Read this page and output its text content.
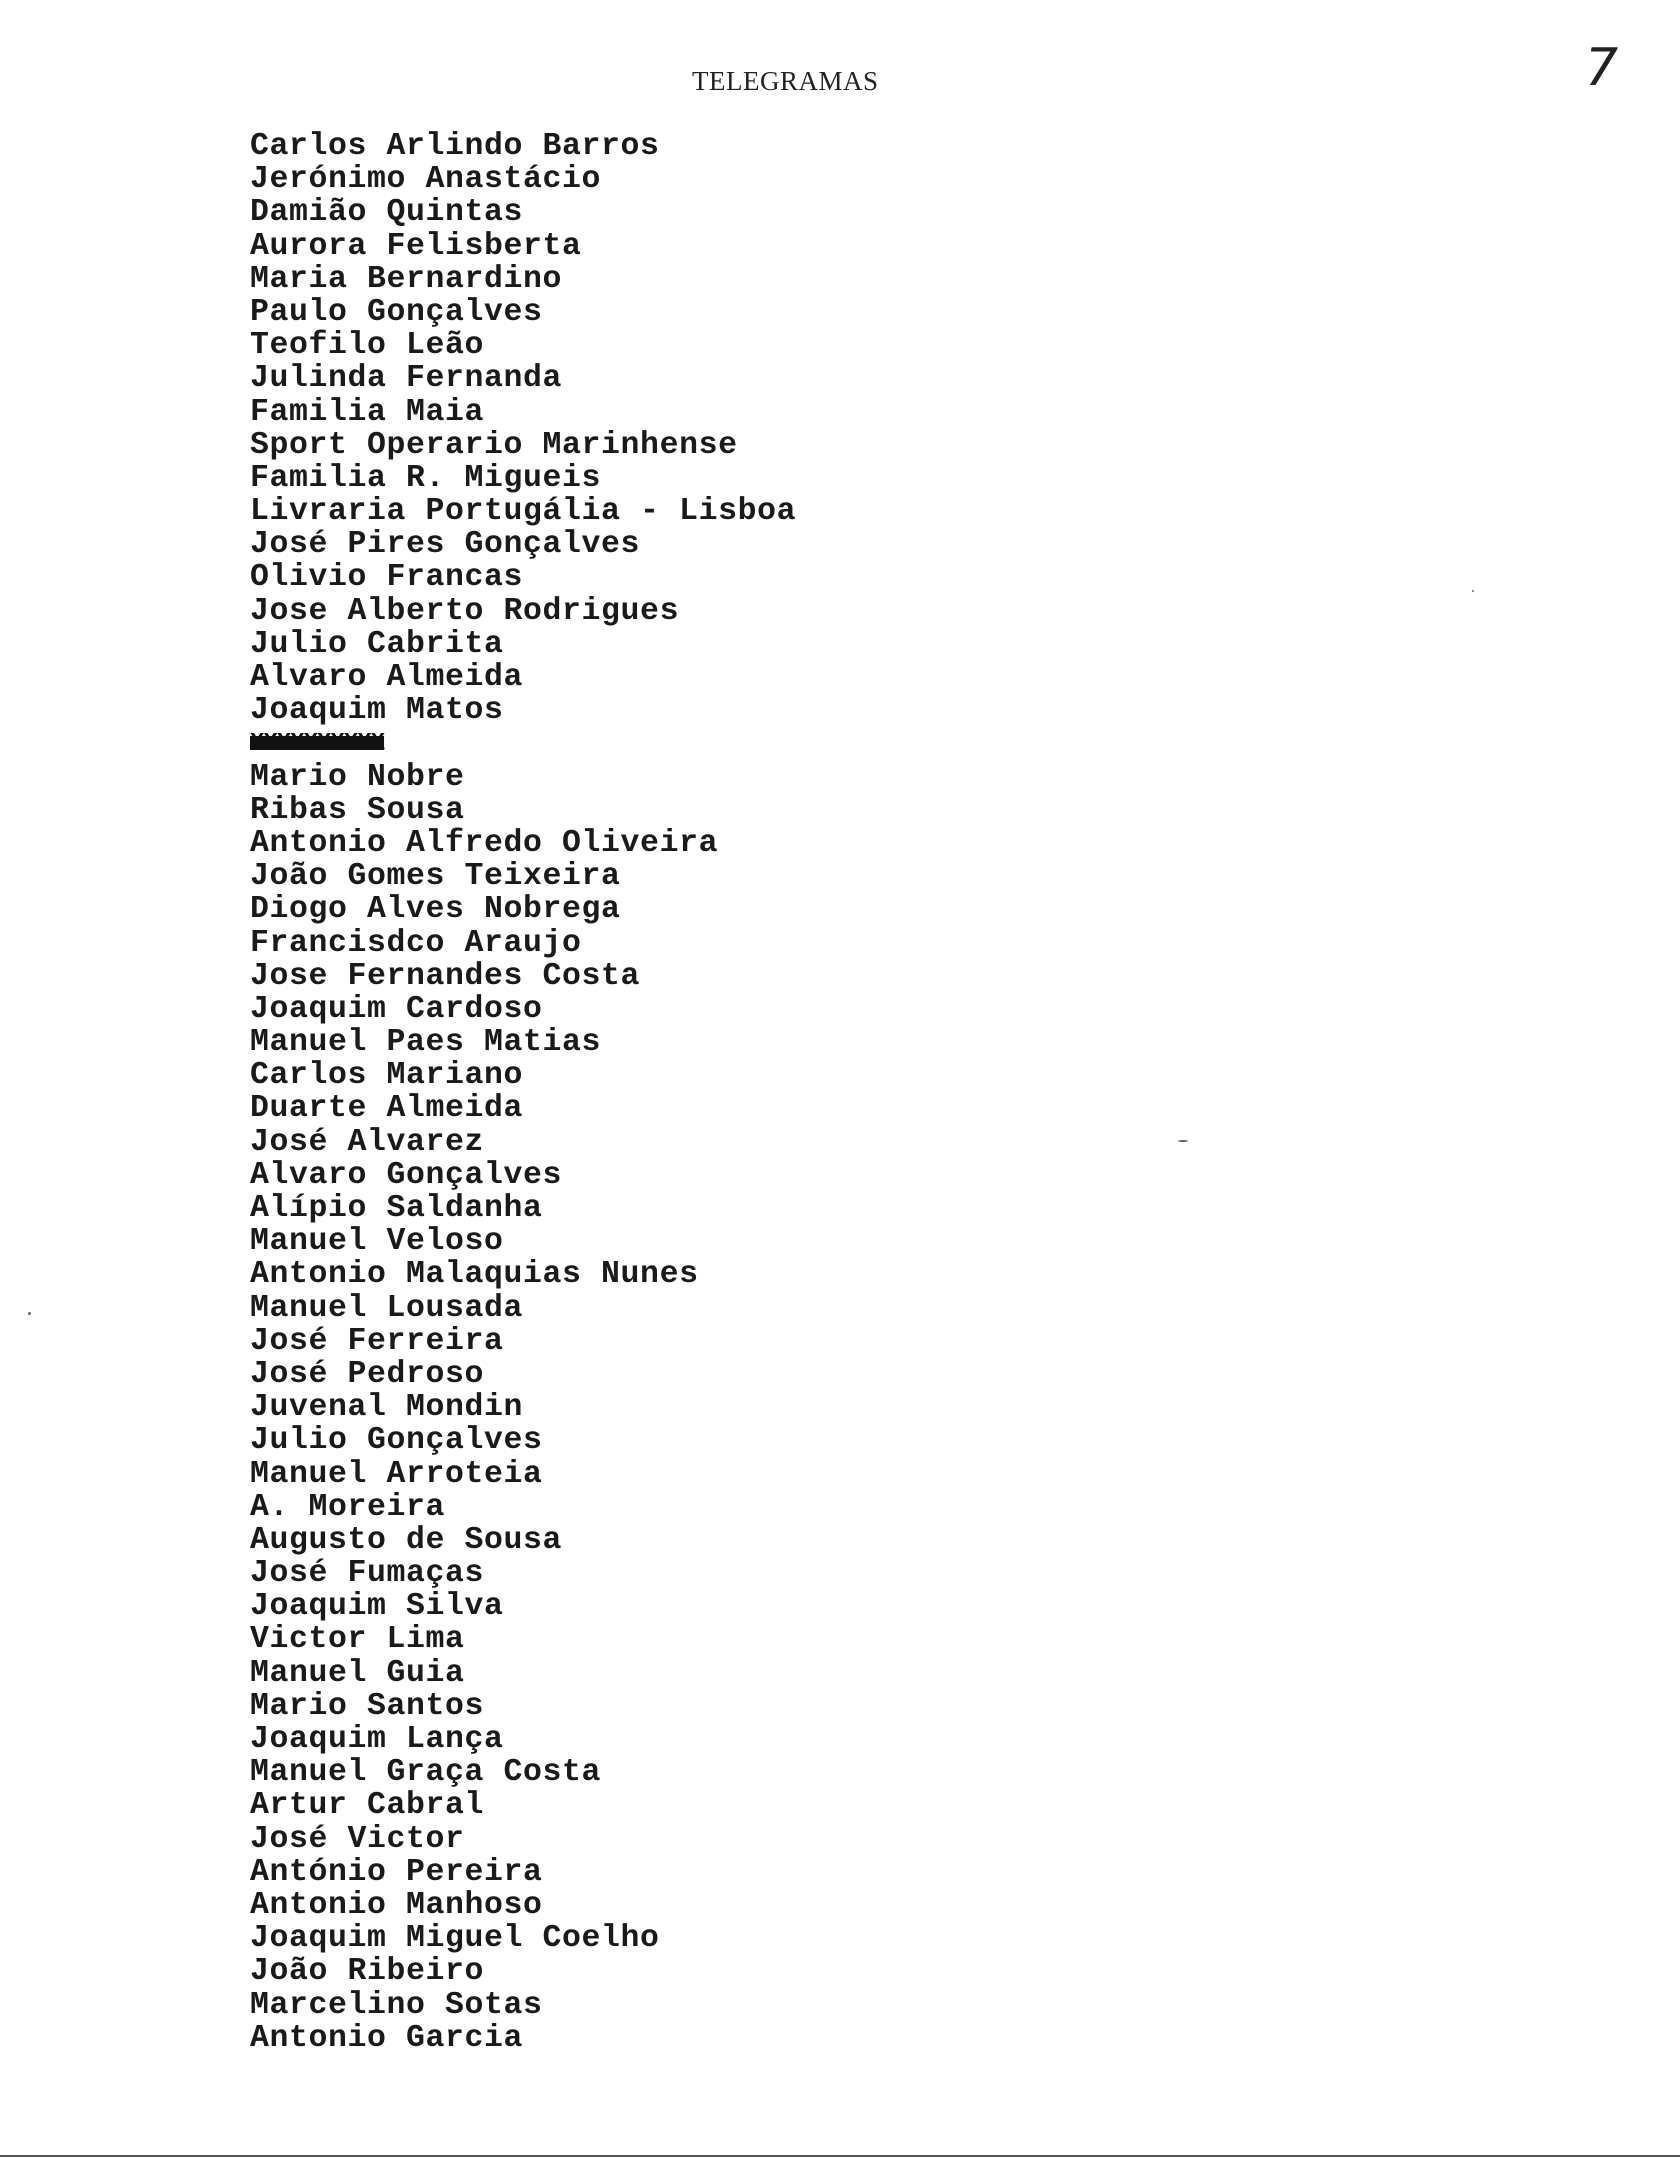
TELEGRAMAS	7
Carlos Arlindo Barros
Jerónimo Anastácio
Damião Quintas
Aurora Felisberta
Maria Bernardino
Paulo Gonçalves
Teofilo Leão
Julinda Fernanda
Familia Maia
Sport Operario Marinhense
Familia R. Migueis
Livraria Portugália - Lisboa
José Pires Gonçalves
Olivio Francas
Jose Alberto Rodrigues
Julio Cabrita
Alvaro Almeida
Joaquim Matos
XXXXXXXXXX
Mario Nobre
Ribas Sousa
Antonio Alfredo Oliveira
João Gomes Teixeira
Diogo Alves Nobrega
Francisdco Araujo
Jose Fernandes Costa
Joaquim Cardoso
Manuel Paes Matias
Carlos Mariano
Duarte Almeida
José Alvarez
Alvaro Gonçalves
Alípio Saldanha
Manuel Veloso
Antonio Malaquias Nunes
Manuel Lousada
José Ferreira
José Pedroso
Juvenal Mondin
Julio Gonçalves
Manuel Arroteia
A. Moreira
Augusto de Sousa
José Fumaças
Joaquim Silva
Victor Lima
Manuel Guia
Mario Santos
Joaquim Lança
Manuel Graça Costa
Artur Cabral
José Victor
António Pereira
Antonio Manhoso
Joaquim Miguel Coelho
João Ribeiro
Marcelino Sotas
Antonio Garcia
